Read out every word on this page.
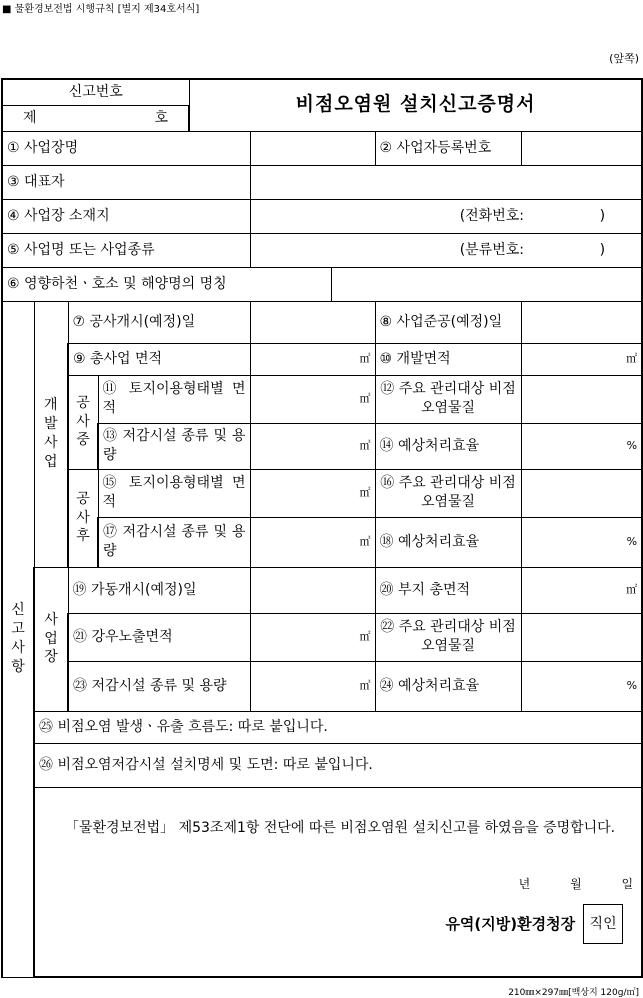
■ 물환경보전법 시행규칙 [별지 제34호서식]
(앞쪽)
신고번호				비점오염원 설치신고증명서				
제 호								

① 사업장명							② 사업자등록번호	
③ 대표자								
④ 사업장 소재지					(전화번호:                 )			
⑤ 사업명 또는 사업종류					(분류번호:                 )			
⑥ 영향하천ㆍ호소 및 해양명의 명칭								

신
고
사
항	개
발
사
업	⑦ 공사개시(예정)일					⑧ 사업준공(예정)일	
		⑨ 총사업 면적			㎡		⑩ 개발면적	㎡

		공
사
중	⑪ 토지이용형태별 면적		㎡		⑫ 주요 관리대상 비점오염물질	
			⑬ 저감시설 종류 및 용량		㎥		⑭ 예상처리효율	%

		공
사
후	⑮ 토지이용형태별 면적		㎡		⑯ 주요 관리대상 비점오염물질	
			⑰ 저감시설 종류 및 용량		㎥		⑱ 예상처리효율	%

	사
업
장	⑲ 가동개시(예정)일					⑳ 부지 총면적	㎡
		㉑ 강우노출면적			㎡		㉒ 주요 관리대상 비점오염물질	
		㉓ 저감시설 종류 및 용량			㎥		㉔ 예상처리효율	%
	㉕ 비점오염 발생ㆍ유출 흐름도: 따로 붙입니다.							
	㉖ 비점오염저감시설 설치명세 및 도면: 따로 붙입니다.							

	「물환경보전법」 제53조제1항 전단에 따른 비점오염원 설치신고를 하였음을 증명합니다.
년 월 일
유역(지방)환경청장 직인							
210㎜×297㎜[백상지 120g/㎡]
